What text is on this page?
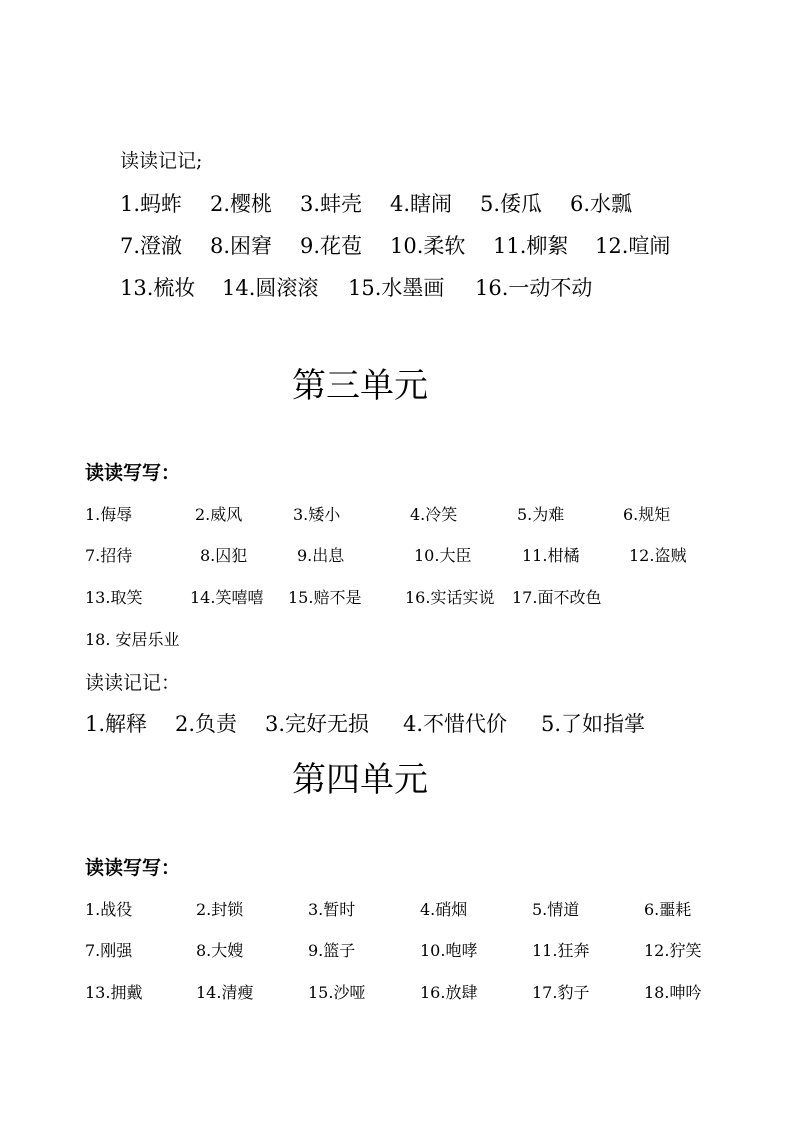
读读记记;
1.蚂蚱 2.樱桃 3.蚌壳 4.瞎闹 5.倭瓜 6.水瓢
7.澄澈 8.困窘 9.花苞 10.柔软 11.柳絮 12.喧闹
13.梳妆 14.圆滚滚 15.水墨画 16.一动不动
第三单元
读读写写：
1.侮辱	2.威风	3.矮小	4.冷笑	5.为难	6.规矩
7.招待	8.囚犯	9.出息	10.大臣	11.柑橘	12.盗贼
13.取笑	14.笑嘻嘻 15.赔不是	16.实话实说 17.面不改色
18. 安居乐业
读读记记：
1.解释 2.负责 3.完好无损 4.不惜代价 5.了如指掌
第四单元
读读写写：
1.战役	2.封锁	3.暂时	4.硝烟	5.情道	6.噩耗
7.刚强	8.大嫂	9.篮子	10.咆哮	11.狂奔	12.狞笑
13.拥戴	14.清瘦	15.沙哑	16.放肆	17.豹子	18.呻吟
